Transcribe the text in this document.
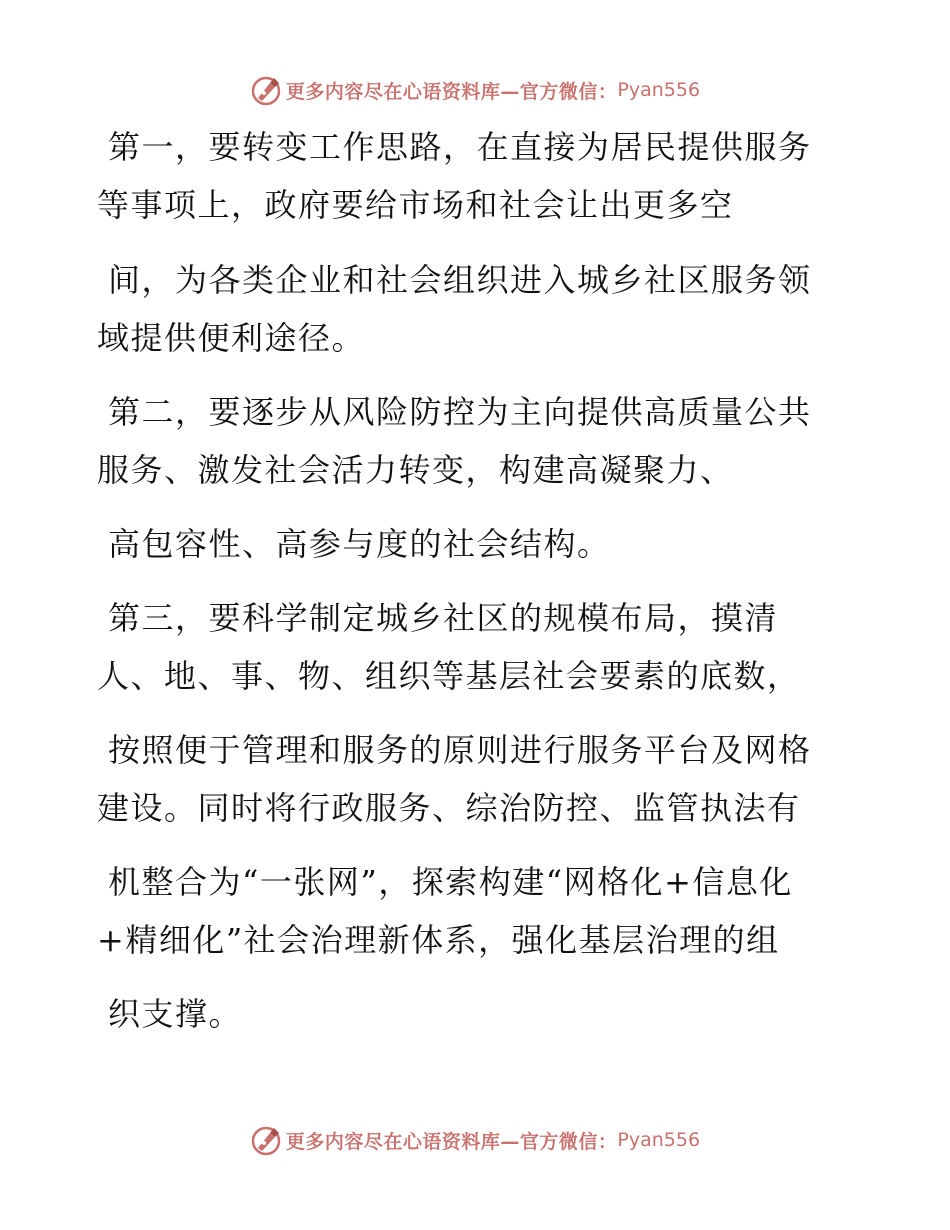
更多内容尽在心语资料库—官方微信： Pyan556
第一，要转变工作思路，在直接为居民提供服务
等事项上，政府要给市场和社会让出更多空
间，为各类企业和社会组织进入城乡社区服务领
域提供便利途径。
第二，要逐步从风险防控为主向提供高质量公共
服务、激发社会活力转变，构建高凝聚力、
高包容性、高参与度的社会结构。
第三，要科学制定城乡社区的规模布局，摸清
人、地、事、物、组织等基层社会要素的底数，
按照便于管理和服务的原则进行服务平台及网格
建设。同时将行政服务、综治防控、监管执法有
机整合为“一张网”，探索构建“网格化+信息化
+精细化”社会治理新体系，强化基层治理的组
织支撑。
更多内容尽在心语资料库—官方微信： Pyan556
